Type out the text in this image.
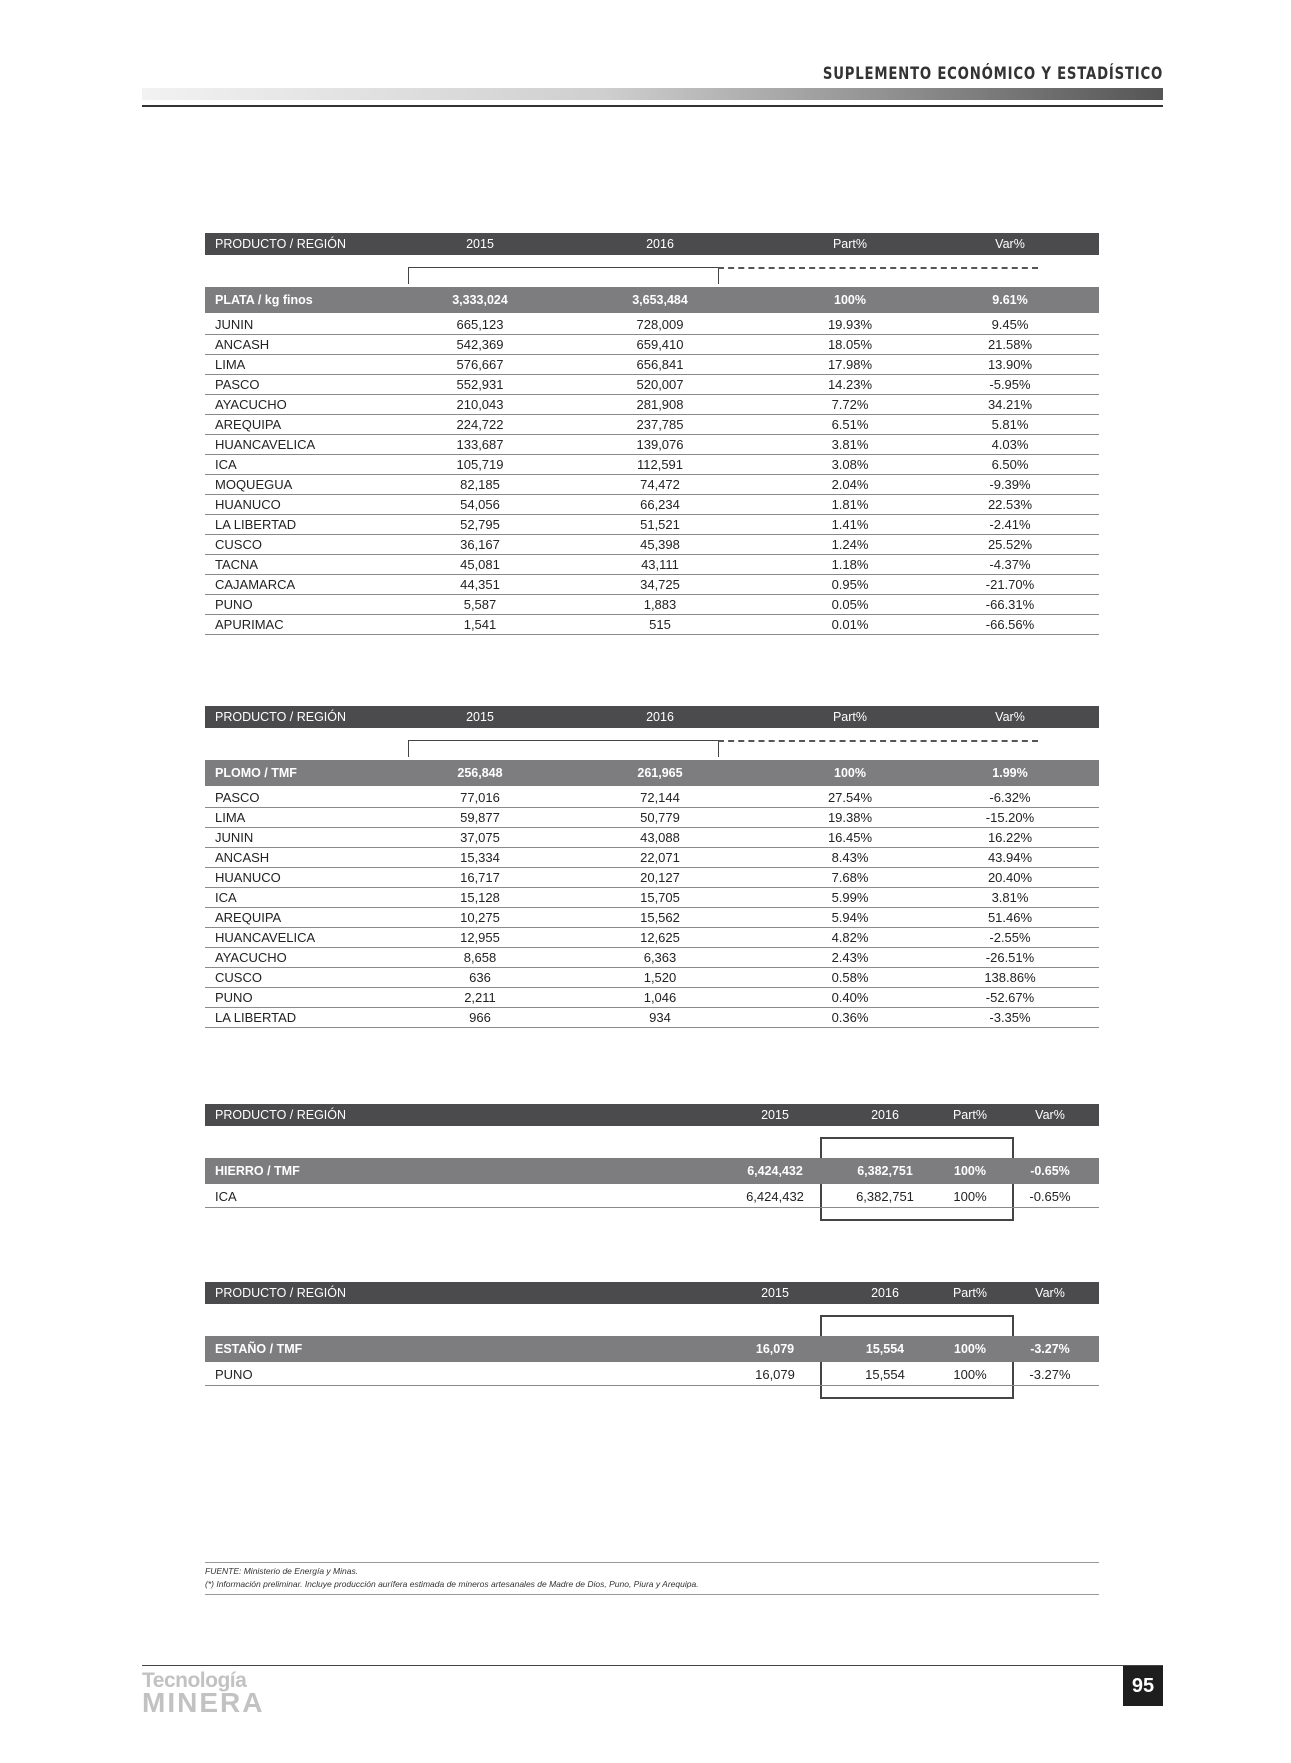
SUPLEMENTO ECONÓMICO Y ESTADÍSTICO
PRODUCTO / REGIÓN	2015	2016	Part%	Var%
PLATA / kg finos	3,333,024	3,653,484	100%	9.61%
JUNIN	665,123	728,009	19.93%	9.45%
ANCASH	542,369	659,410	18.05%	21.58%
LIMA	576,667	656,841	17.98%	13.90%
PASCO	552,931	520,007	14.23%	-5.95%
AYACUCHO	210,043	281,908	7.72%	34.21%
AREQUIPA	224,722	237,785	6.51%	5.81%
HUANCAVELICA	133,687	139,076	3.81%	4.03%
ICA	105,719	112,591	3.08%	6.50%
MOQUEGUA	82,185	74,472	2.04%	-9.39%
HUANUCO	54,056	66,234	1.81%	22.53%
LA LIBERTAD	52,795	51,521	1.41%	-2.41%
CUSCO	36,167	45,398	1.24%	25.52%
TACNA	45,081	43,111	1.18%	-4.37%
CAJAMARCA	44,351	34,725	0.95%	-21.70%
PUNO	5,587	1,883	0.05%	-66.31%
APURIMAC	1,541	515	0.01%	-66.56%
PRODUCTO / REGIÓN	2015	2016	Part%	Var%
PLOMO / TMF	256,848	261,965	100%	1.99%
PASCO	77,016	72,144	27.54%	-6.32%
LIMA	59,877	50,779	19.38%	-15.20%
JUNIN	37,075	43,088	16.45%	16.22%
ANCASH	15,334	22,071	8.43%	43.94%
HUANUCO	16,717	20,127	7.68%	20.40%
ICA	15,128	15,705	5.99%	3.81%
AREQUIPA	10,275	15,562	5.94%	51.46%
HUANCAVELICA	12,955	12,625	4.82%	-2.55%
AYACUCHO	8,658	6,363	2.43%	-26.51%
CUSCO	636	1,520	0.58%	138.86%
PUNO	2,211	1,046	0.40%	-52.67%
LA LIBERTAD	966	934	0.36%	-3.35%
PRODUCTO / REGIÓN	2015	2016	Part%	Var%
HIERRO / TMF	6,424,432	6,382,751	100%	-0.65%
ICA	6,424,432	6,382,751	100%	-0.65%
PRODUCTO / REGIÓN	2015	2016	Part%	Var%
ESTAÑO / TMF	16,079	15,554	100%	-3.27%
PUNO	16,079	15,554	100%	-3.27%
FUENTE: Ministerio de Energía y Minas.
(*) Información preliminar. Incluye producción aurífera estimada de mineros artesanales de Madre de Dios, Puno, Piura y Arequipa.
Tecnología
MINERA
95
